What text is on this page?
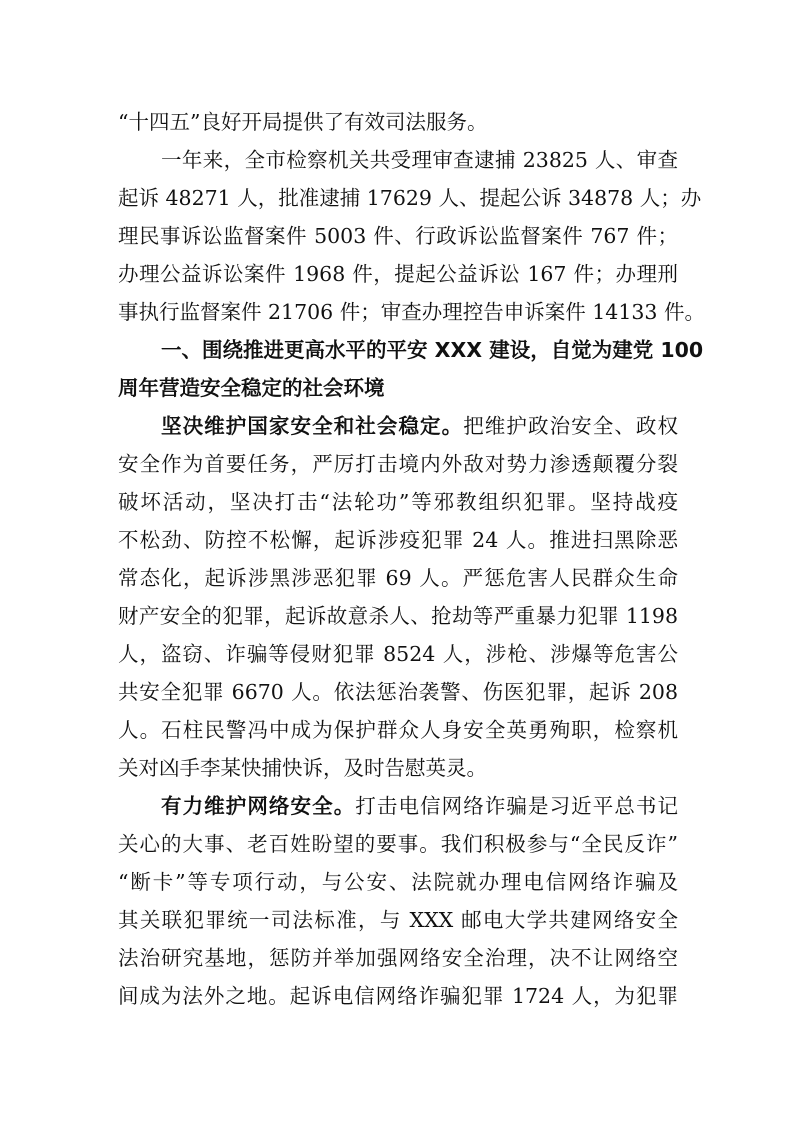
“十四五”良好开局提供了有效司法服务。
一年来，全市检察机关共受理审查逮捕 23825 人、审查
起诉 48271 人，批准逮捕 17629 人、提起公诉 34878 人；办
理民事诉讼监督案件 5003 件、行政诉讼监督案件 767 件；
办理公益诉讼案件 1968 件，提起公益诉讼 167 件；办理刑
事执行监督案件 21706 件；审查办理控告申诉案件 14133 件。
一、围绕推进更高水平的平安 XXX 建设，自觉为建党 100
周年营造安全稳定的社会环境
坚决维护国家安全和社会稳定。把维护政治安全、政权
安全作为首要任务，严厉打击境内外敌对势力渗透颠覆分裂
破坏活动，坚决打击“法轮功”等邪教组织犯罪。坚持战疫
不松劲、防控不松懈，起诉涉疫犯罪 24 人。推进扫黑除恶
常态化，起诉涉黑涉恶犯罪 69 人。严惩危害人民群众生命
财产安全的犯罪，起诉故意杀人、抢劫等严重暴力犯罪 1198
人，盗窃、诈骗等侵财犯罪 8524 人，涉枪、涉爆等危害公
共安全犯罪 6670 人。依法惩治袭警、伤医犯罪，起诉 208
人。石柱民警冯中成为保护群众人身安全英勇殉职，检察机
关对凶手李某快捕快诉，及时告慰英灵。
有力维护网络安全。打击电信网络诈骗是习近平总书记
关心的大事、老百姓盼望的要事。我们积极参与“全民反诈”
“断卡”等专项行动，与公安、法院就办理电信网络诈骗及
其关联犯罪统一司法标准，与 XXX 邮电大学共建网络安全
法治研究基地，惩防并举加强网络安全治理，决不让网络空
间成为法外之地。起诉电信网络诈骗犯罪 1724 人，为犯罪
